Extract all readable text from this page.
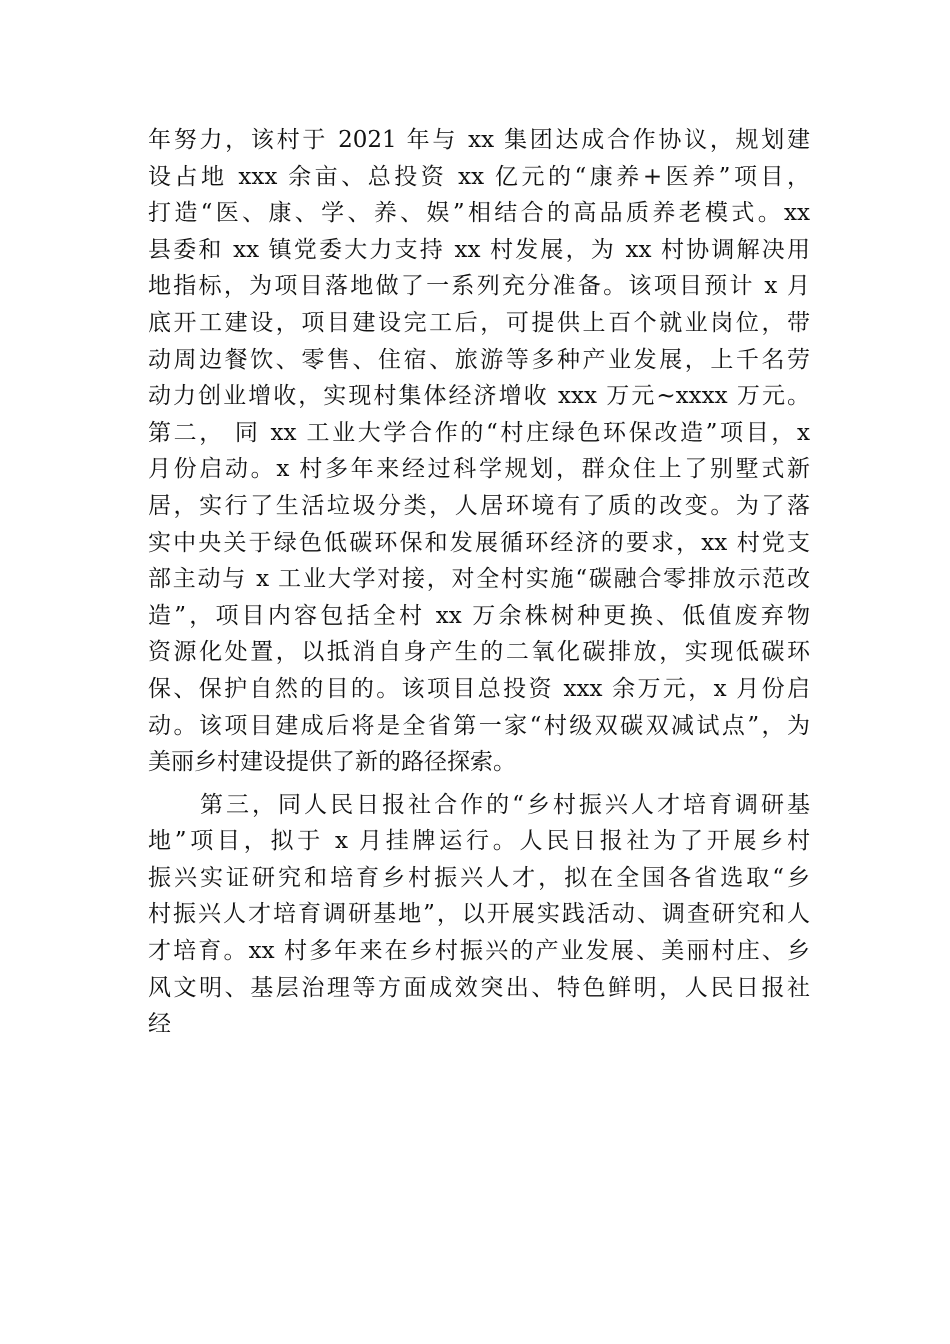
年努力，该村于 2021 年与 xx 集团达成合作协议，规划建
设占地 xxx 余亩、总投资 xx 亿元的“康养+医养”项目，
打造“医、康、学、养、娱”相结合的高品质养老模式。xx
县委和 xx 镇党委大力支持 xx 村发展，为 xx 村协调解决用
地指标，为项目落地做了一系列充分准备。该项目预计 x 月
底开工建设，项目建设完工后，可提供上百个就业岗位，带
动周边餐饮、零售、住宿、旅游等多种产业发展，上千名劳
动力创业增收，实现村集体经济增收 xxx 万元~xxxx 万元。
第二， 同 xx 工业大学合作的“村庄绿色环保改造”项目，x
月份启动。x 村多年来经过科学规划，群众住上了别墅式新
居，实行了生活垃圾分类，人居环境有了质的改变。为了落
实中央关于绿色低碳环保和发展循环经济的要求，xx 村党支
部主动与 x 工业大学对接，对全村实施“碳融合零排放示范改
造”，项目内容包括全村 xx 万余株树种更换、低值废弃物
资源化处置，以抵消自身产生的二氧化碳排放，实现低碳环
保、保护自然的目的。该项目总投资 xxx 余万元，x 月份启
动。该项目建成后将是全省第一家“村级双碳双减试点”，为
美丽乡村建设提供了新的路径探索。
　　第三，同人民日报社合作的“乡村振兴人才培育调研基
地”项目，拟于 x 月挂牌运行。人民日报社为了开展乡村
振兴实证研究和培育乡村振兴人才，拟在全国各省选取“乡
村振兴人才培育调研基地”，以开展实践活动、调查研究和人
才培育。xx 村多年来在乡村振兴的产业发展、美丽村庄、乡
风文明、基层治理等方面成效突出、特色鲜明，人民日报社
经
